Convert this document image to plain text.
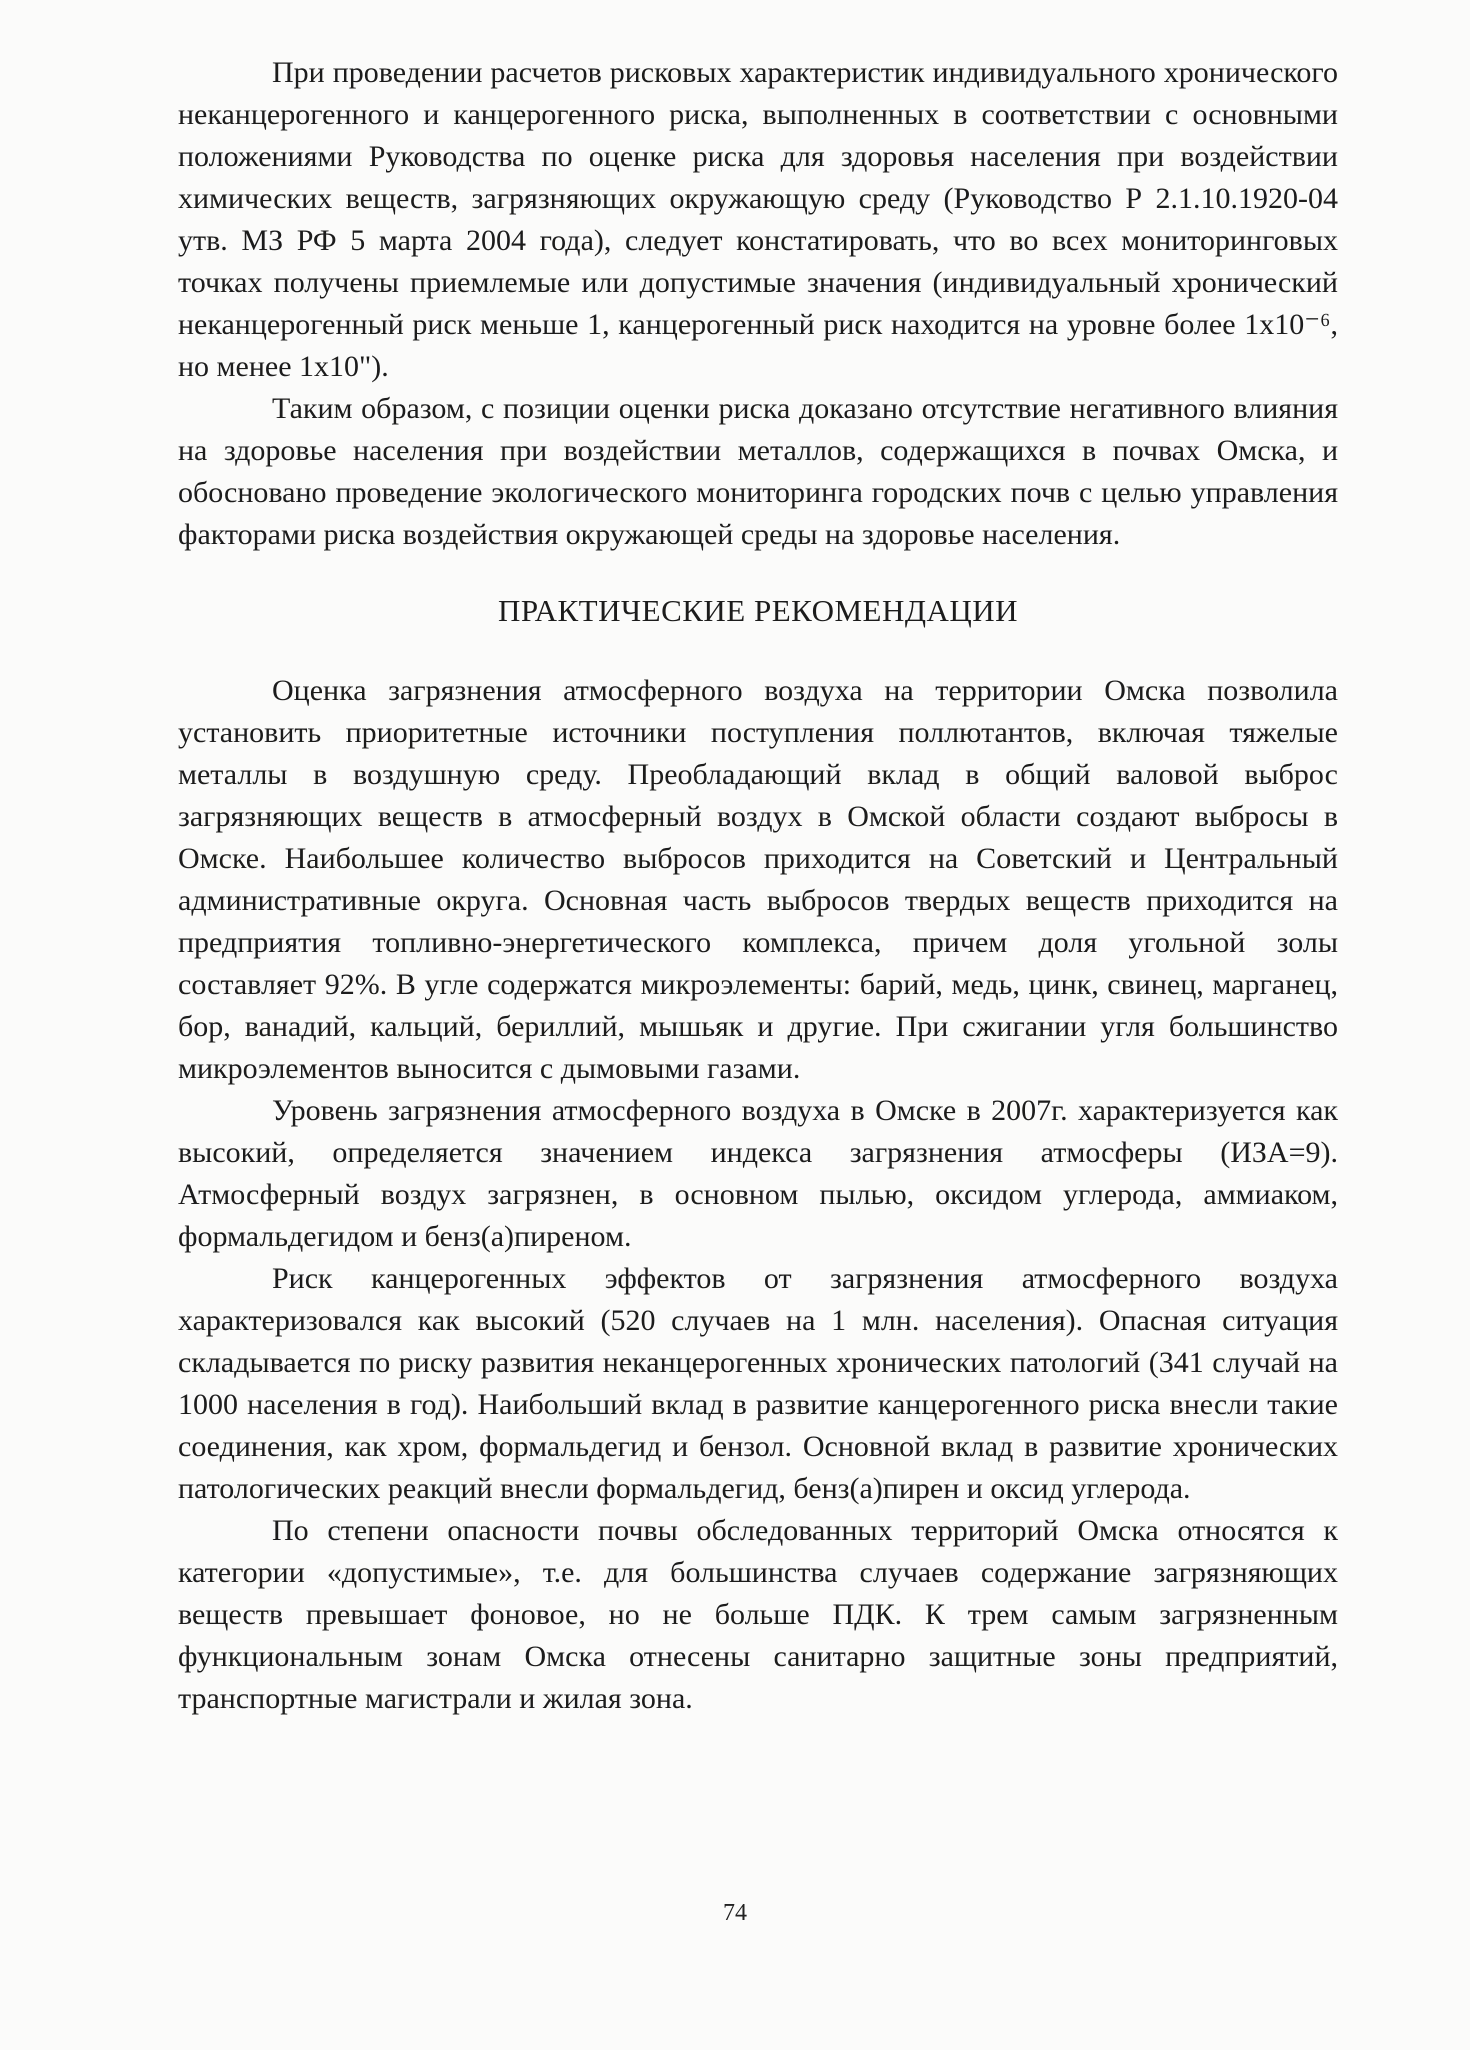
При проведении расчетов рисковых характеристик индивидуального хронического неканцерогенного и канцерогенного риска, выполненных в соответствии с основными положениями Руководства по оценке риска для здоровья населения при воздействии химических веществ, загрязняющих окружающую среду (Руководство Р 2.1.10.1920-04 утв. МЗ РФ 5 марта 2004 года), следует констатировать, что во всех мониторинговых точках получены приемлемые или допустимые значения (индивидуальный хронический неканцерогенный риск меньше 1, канцерогенный риск находится на уровне более 1x10⁻⁶, но менее 1x10").

Таким образом, с позиции оценки риска доказано отсутствие негативного влияния на здоровье населения при воздействии металлов, содержащихся в почвах Омска, и обосновано проведение экологического мониторинга городских почв с целью управления факторами риска воздействия окружающей среды на здоровье населения.

ПРАКТИЧЕСКИЕ РЕКОМЕНДАЦИИ

Оценка загрязнения атмосферного воздуха на территории Омска позволила установить приоритетные источники поступления поллютантов, включая тяжелые металлы в воздушную среду. Преобладающий вклад в общий валовой выброс загрязняющих веществ в атмосферный воздух в Омской области создают выбросы в Омске. Наибольшее количество выбросов приходится на Советский и Центральный административные округа. Основная часть выбросов твердых веществ приходится на предприятия топливно-энергетического комплекса, причем доля угольной золы составляет 92%. В угле содержатся микроэлементы: барий, медь, цинк, свинец, марганец, бор, ванадий, кальций, бериллий, мышьяк и другие. При сжигании угля большинство микроэлементов выносится с дымовыми газами.

Уровень загрязнения атмосферного воздуха в Омске в 2007г. характеризуется как высокий, определяется значением индекса загрязнения атмосферы (ИЗА=9). Атмосферный воздух загрязнен, в основном пылью, оксидом углерода, аммиаком, формальдегидом и бенз(а)пиреном.

Риск канцерогенных эффектов от загрязнения атмосферного воздуха характеризовался как высокий (520 случаев на 1 млн. населения). Опасная ситуация складывается по риску развития неканцерогенных хронических патологий (341 случай на 1000 населения в год). Наибольший вклад в развитие канцерогенного риска внесли такие соединения, как хром, формальдегид и бензол. Основной вклад в развитие хронических патологических реакций внесли формальдегид, бенз(а)пирен и оксид углерода.

По степени опасности почвы обследованных территорий Омска относятся к категории «допустимые», т.е. для большинства случаев содержание загрязняющих веществ превышает фоновое, но не больше ПДК. К трем самым загрязненным функциональным зонам Омска отнесены санитарно защитные зоны предприятий, транспортные магистрали и жилая зона.

74
